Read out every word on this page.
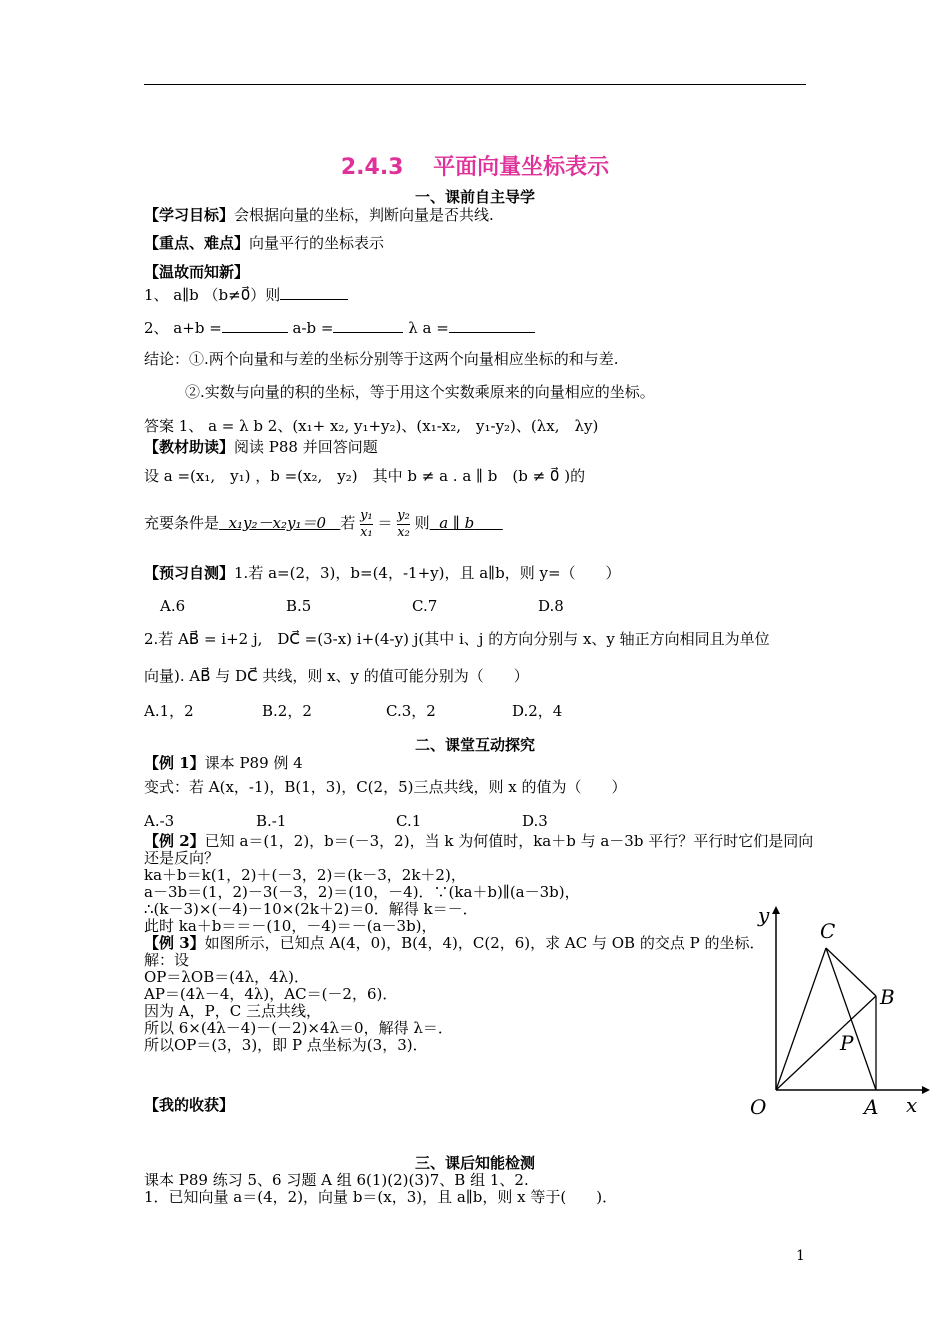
2.4.3　 平面向量坐标表示
一、课前自主导学
【学习目标】会根据向量的坐标，判断向量是否共线.
【重点、难点】向量平行的坐标表示
【温故而知新】
1、 a∥b （b≠0⃗）则
2、 a+b =	a-b =	λ a =
结论：①.两个向量和与差的坐标分别等于这两个向量相应坐标的和与差.
②.实数与向量的积的坐标，等于用这个实数乘原来的向量相应的坐标。
答案 1、 a = λ b 2、(x₁+ x₂, y₁+y₂)、(x₁-x₂,　y₁-y₂)、(λx,　λy)
【教材助读】阅读 P88 并回答问题
设 a =(x₁,　y₁) ，b =(x₂,　y₂)　其中 b ≠ a . a ∥ b　(b ≠ 0⃗ )的
充要条件是 x₁y₂－x₂y₁＝0 若 $\frac{\text{y₁}}{\text{x₁}} = \frac{\text{y₂}}{\text{x₂}}$ 则 a ∥ b
【预习自测】1.若 a=(2，3)，b=(4，-1+y)，且 a∥b，则 y=（　　）
A.6	B.5	C.7	D.8
2.若 AB⃗ = i+2 j,　DC⃗ =(3-x) i+(4-y) j(其中 i、j 的方向分别与 x、y 轴正方向相同且为单位
向量). AB⃗ 与 DC⃗ 共线，则 x、y 的值可能分别为（　　）
A.1，2	B.2，2	C.3，2	D.2，4
二、课堂互动探究
【例 1】课本 P89 例 4
变式：若 A(x，-1)，B(1，3)，C(2，5)三点共线，则 x 的值为（　　）
A.-3	B.-1	C.1	D.3
【例 2】已知 a＝(1，2)，b＝(－3，2)，当 k 为何值时，ka＋b 与 a－3b 平行？平行时它们是同向
还是反向？
ka＋b＝k(1，2)＋(－3，2)＝(k－3，2k＋2)，
a－3b＝(1，2)－3(－3，2)＝(10，－4)．∵(ka＋b)∥(a－3b)，
∴(k－3)×(－4)－10×(2k＋2)＝0．解得 k＝－．
此时 ka＋b＝＝－(10，－4)＝－(a－3b)，
【例 3】如图所示，已知点 A(4，0)，B(4，4)，C(2，6)，求 AC 与 OB 的交点 P 的坐标．
解：设
OP＝λOB＝(4λ，4λ)．
AP＝(4λ－4，4λ)，AC＝(－2，6)．
因为 A，P，C 三点共线，
所以 6×(4λ－4)－(－2)×4λ＝0，解得 λ＝．
所以OP＝(3，3)，即 P 点坐标为(3，3)．
【我的收获】
y
x
O	A
B
C
P
三、课后知能检测
课本 P89 练习 5、6 习题 A 组 6(1)(2)(3)7、B 组 1、2.
1．已知向量 a＝(4，2)，向量 b＝(x，3)，且 a∥b，则 x 等于(　　)．
1
